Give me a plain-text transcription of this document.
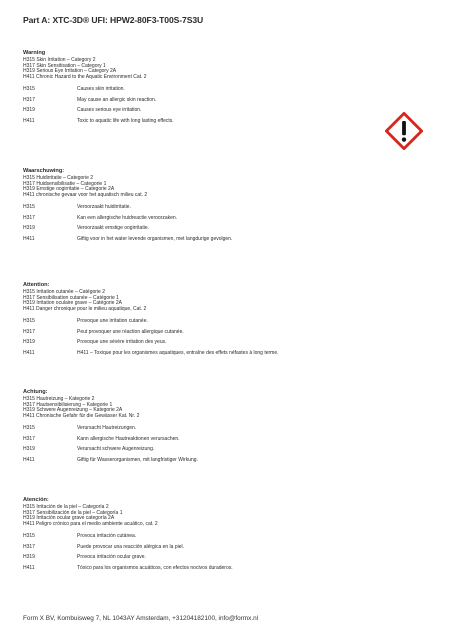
Part A: XTC-3D® UFI: HPW2-80F3-T00S-7S3U
Warning
H315 Skin Irritation – Category 2
H317 Skin Sensitisation – Category 1
H319 Serious Eye Irritation – Category 2A
H411 Chronic Hazard to the Aquatic Environment Cat. 2
H315	Causes skin irritation.
H317	May cause an allergic skin reaction.
H319	Causes serious eye irritation.
H411	Toxic to aquatic life with long lasting effects.
Waarschuwing:
H315 Huidirritatie – Categorie 2
H317 Huidsensibilisatie – Categorie 1
H319 Ernstige oogirritatie – Categorie 2A
H411 chronische gevaar voor het aquatisch milieu cat. 2
H315	Veroorzaakt huidirritatie.
H317	Kan een allergische huidreactie veroorzaken.
H319	Veroorzaakt ernstige oogirritatie.
H411	Giftig voor in het water levende organismen, met langdurige gevolgen.
Attention:
H315 Irritation cutanée – Catégorie 2
H317 Sensibilisation cutanée – Catégorie 1
H319 Irritation oculaire grave – Catégorie 2A
H411 Danger chronique pour le milieu aquatique, Cat. 2
H315	Provoque une irritation cutanée.
H317	Peut provoquer une réaction allergique cutanée.
H319	Provoque une sévère irritation des yeux.
H411	H411 – Toxique pour les organismes aquatiques, entraîne des effets néfastes à long terme.
Achtung:
H315 Hautreizung – Kategorie 2
H317 Hautsensibilisierung – Kategorie 1
H319 Schwere Augenreizung – Kategorie 2A
H411 Chronische Gefahr für die Gewässer Kat. Nr. 2
H315	Verursacht Hautreizungen.
H317	Kann allergische Hautreaktionen verursachen.
H319	Verursacht schwere Augenreizung.
H411	Giftig für Wasserorganismen, mit langfristiger Wirkung.
Atención:
H315 Irritación de la piel – Categoría 2
H317 Sensibilización de la piel – Categoría 1
H319 Irritación ocular grave categoría 2A
H411 Peligro crónico para el medio ambiente acuático, cat. 2
H315	Provoca irritación cutánea.
H317	Puede provocar una reacción alérgica en la piel.
H319	Provoca irritación ocular grave.
H411	Tóxico para los organismos acuáticos, con efectos nocivos duraderos.
Form X BV, Kombuisweg 7, NL 1043AY Amsterdam, +31204182100, info@formx.nl
